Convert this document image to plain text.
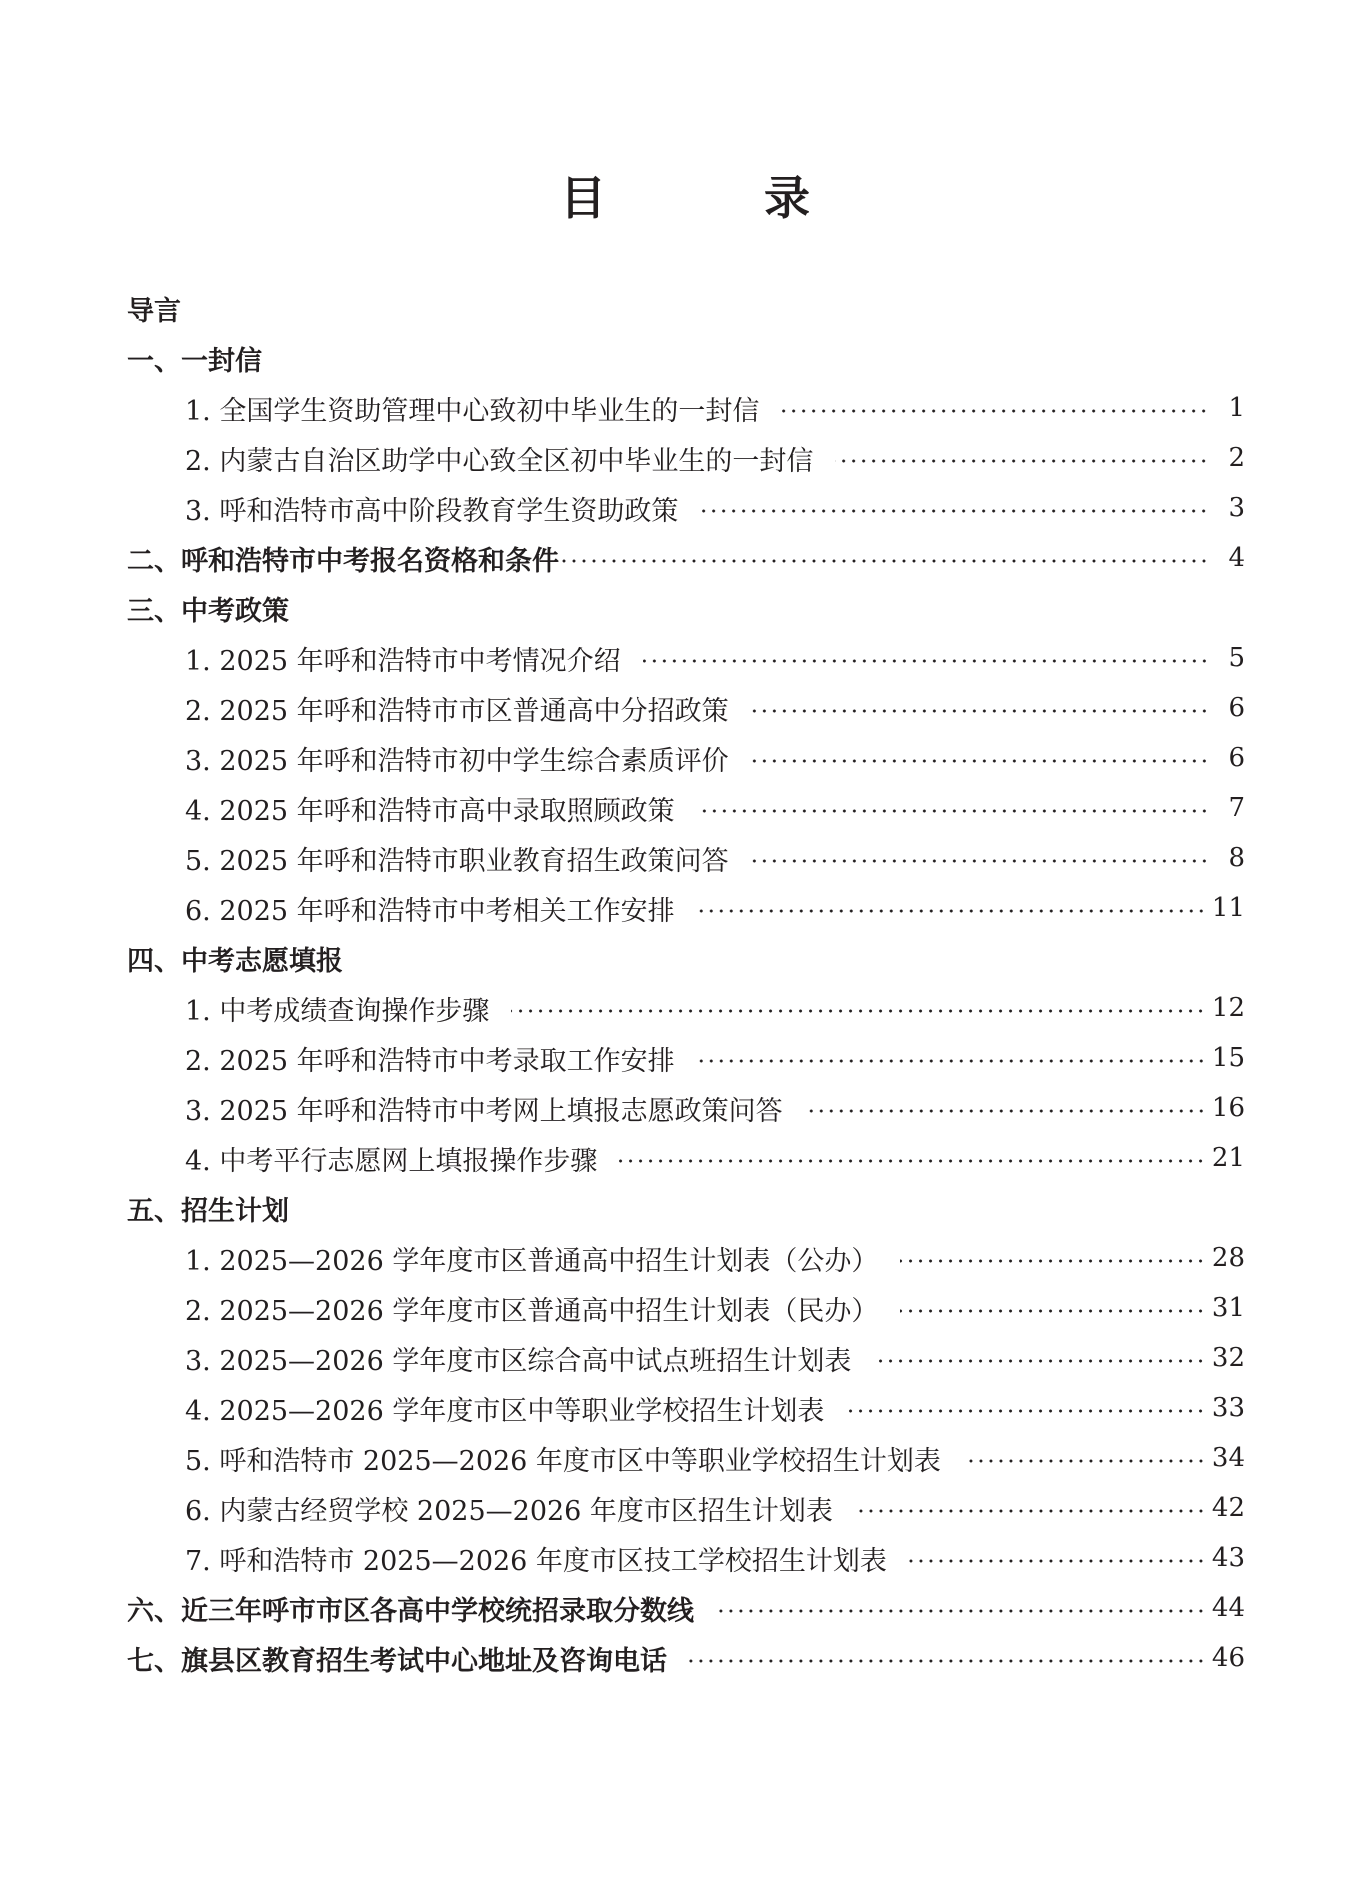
目　录
导言
一、一封信
1. 全国学生资助管理中心致初中毕业生的一封信	1
2. 内蒙古自治区助学中心致全区初中毕业生的一封信	2
3. 呼和浩特市高中阶段教育学生资助政策	3
二、呼和浩特市中考报名资格和条件	4
三、中考政策
1. 2025 年呼和浩特市中考情况介绍	5
2. 2025 年呼和浩特市市区普通高中分招政策	6
3. 2025 年呼和浩特市初中学生综合素质评价	6
4. 2025 年呼和浩特市高中录取照顾政策	7
5. 2025 年呼和浩特市职业教育招生政策问答	8
6. 2025 年呼和浩特市中考相关工作安排	11
四、中考志愿填报
1. 中考成绩查询操作步骤	12
2. 2025 年呼和浩特市中考录取工作安排	15
3. 2025 年呼和浩特市中考网上填报志愿政策问答	16
4. 中考平行志愿网上填报操作步骤	21
五、招生计划
1. 2025—2026 学年度市区普通高中招生计划表（公办）	28
2. 2025—2026 学年度市区普通高中招生计划表（民办）	31
3. 2025—2026 学年度市区综合高中试点班招生计划表	32
4. 2025—2026 学年度市区中等职业学校招生计划表	33
5. 呼和浩特市 2025—2026 年度市区中等职业学校招生计划表	34
6. 内蒙古经贸学校 2025—2026 年度市区招生计划表	42
7. 呼和浩特市 2025—2026 年度市区技工学校招生计划表	43
六、近三年呼市市区各高中学校统招录取分数线	44
七、旗县区教育招生考试中心地址及咨询电话	46
